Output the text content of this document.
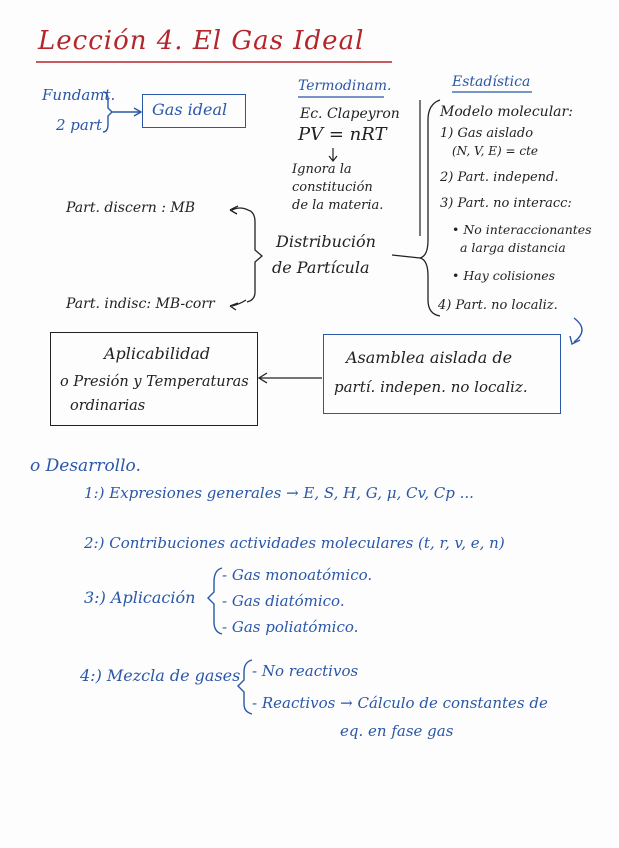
Lección 4. El Gas Ideal
Fundamt.
2 part
Gas ideal
Termodinam.
Ec. Clapeyron
PV = nRT
Ignora la
constitución
de la materia.
Estadística
Modelo molecular:
1) Gas aislado
(N, V, E) = cte
2) Part. independ.
3) Part. no interacc:
• No interaccionantes
a larga distancia
• Hay colisiones
4) Part. no localiz.
Part. discern : MB
Part. indisc: MB-corr
Distribución
de Partícula
Aplicabilidad
o Presión y Temperaturas
ordinarias
Asamblea aislada de
partí. indepen. no localiz.
o Desarrollo.
1:) Expresiones generales → E, S, H, G, μ, Cv, Cp ...
2:) Contribuciones actividades moleculares (t, r, v, e, n)
3:) Aplicación
- Gas monoatómico.
- Gas diatómico.
- Gas poliatómico.
4:) Mezcla de gases - No reactivos
- Reactivos → Cálculo de constantes de
eq. en fase gas
